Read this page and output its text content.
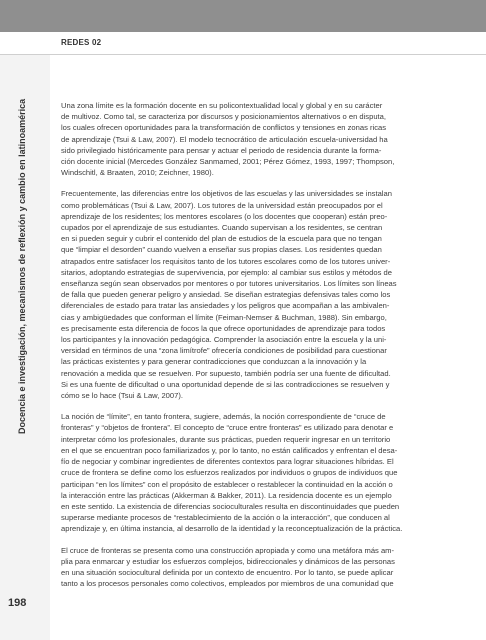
REDES 02
Docencia e investigación, mecanismos de reflexión y cambio en latinoamérica
198

Una zona límite es la formación docente en su policontextualidad local y global y en su carácter
de multivoz. Como tal, se caracteriza por discursos y posicionamientos alternativos o en disputa,
los cuales ofrecen oportunidades para la transformación de conflictos y tensiones en zonas ricas
de aprendizaje (Tsui & Law, 2007). El modelo tecnocrático de articulación escuela-universidad ha
sido privilegiado históricamente para pensar y actuar el periodo de residencia durante la forma-
ción docente inicial (Mercedes González Sanmamed, 2001; Pérez Gómez, 1993, 1997; Thompson,
Windschitl, & Braaten, 2010; Zeichner, 1980).

Frecuentemente, las diferencias entre los objetivos de las escuelas y las universidades se instalan
como problemáticas (Tsui & Law, 2007). Los tutores de la universidad están preocupados por el
aprendizaje de los residentes; los mentores escolares (o los docentes que cooperan) están preo-
cupados por el aprendizaje de sus estudiantes. Cuando supervisan a los residentes, se centran
en si pueden seguir y cubrir el contenido del plan de estudios de la escuela para que no tengan
que “limpiar el desorden” cuando vuelven a enseñar sus propias clases. Los residentes quedan
atrapados entre satisfacer los requisitos tanto de los tutores escolares como de los tutores univer-
sitarios, adoptando estrategias de supervivencia, por ejemplo: al cambiar sus estilos y métodos de
enseñanza según sean observados por mentores o por tutores universitarios. Los límites son líneas
de falla que pueden generar peligro y ansiedad. Se diseñan estrategias defensivas tales como los
diferenciales de estado para tratar las ansiedades y los peligros que acompañan a las ambivalen-
cias y ambigüedades que conforman el límite (Feiman-Nemser & Buchman, 1988). Sin embargo,
es precisamente esta diferencia de focos la que ofrece oportunidades de aprendizaje para todos
los participantes y la innovación pedagógica. Comprender la asociación entre la escuela y la uni-
versidad en términos de una “zona limítrofe” ofrecería condiciones de posibilidad para cuestionar
las prácticas existentes y para generar contradicciones que conduzcan a la innovación y la
renovación a medida que se resuelven. Por supuesto, también podría ser una fuente de dificultad.
Si es una fuente de dificultad o una oportunidad depende de si las contradicciones se resuelven y
cómo se lo hace (Tsui & Law, 2007).

La noción de “límite”, en tanto frontera, sugiere, además, la noción correspondiente de “cruce de
fronteras” y “objetos de frontera”. El concepto de “cruce entre fronteras” es utilizado para denotar e
interpretar cómo los profesionales, durante sus prácticas, pueden requerir ingresar en un territorio
en el que se encuentran poco familiarizados y, por lo tanto, no están calificados y enfrentan el desa-
fío de negociar y combinar ingredientes de diferentes contextos para lograr situaciones híbridas. El
cruce de frontera se define como los esfuerzos realizados por individuos o grupos de individuos que
participan “en los límites” con el propósito de establecer o restablecer la continuidad en la acción o
la interacción entre las prácticas (Akkerman & Bakker, 2011). La residencia docente es un ejemplo
en este sentido. La existencia de diferencias socioculturales resulta en discontinuidades que pueden
superarse mediante procesos de “restablecimiento de la acción o la interacción”, que conducen al
aprendizaje y, en última instancia, al desarrollo de la identidad y la reconceptualización de la práctica.

El cruce de fronteras se presenta como una construcción apropiada y como una metáfora más am-
plia para enmarcar y estudiar los esfuerzos complejos, bidireccionales y dinámicos de las personas
en una situación sociocultural definida por un contexto de encuentro. Por lo tanto, se puede aplicar
tanto a los procesos personales como colectivos, empleados por miembros de una comunidad que
